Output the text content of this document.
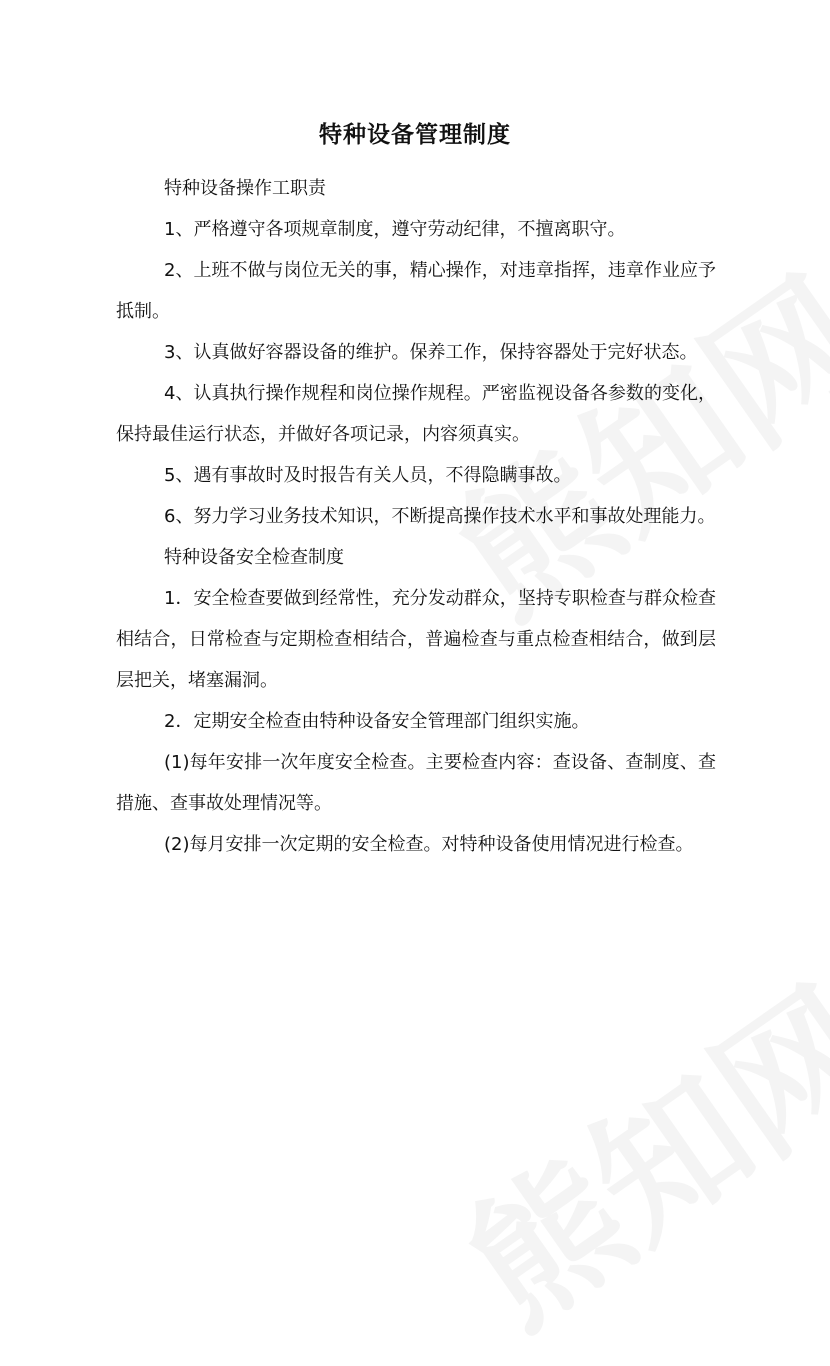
特种设备管理制度

特种设备操作工职责

1、严格遵守各项规章制度，遵守劳动纪律，不擅离职守。

2、上班不做与岗位无关的事，精心操作，对违章指挥，违章作业应予抵制。

3、认真做好容器设备的维护。保养工作，保持容器处于完好状态。

4、认真执行操作规程和岗位操作规程。严密监视设备各参数的变化，保持最佳运行状态，并做好各项记录，内容须真实。

5、遇有事故时及时报告有关人员，不得隐瞒事故。

6、努力学习业务技术知识，不断提高操作技术水平和事故处理能力。

特种设备安全检查制度

1．安全检查要做到经常性，充分发动群众，坚持专职检查与群众检查相结合，日常检查与定期检查相结合，普遍检查与重点检查相结合，做到层层把关，堵塞漏洞。

2．定期安全检查由特种设备安全管理部门组织实施。

(1)每年安排一次年度安全检查。主要检查内容：查设备、查制度、查措施、查事故处理情况等。

(2)每月安排一次定期的安全检查。对特种设备使用情况进行检查。
